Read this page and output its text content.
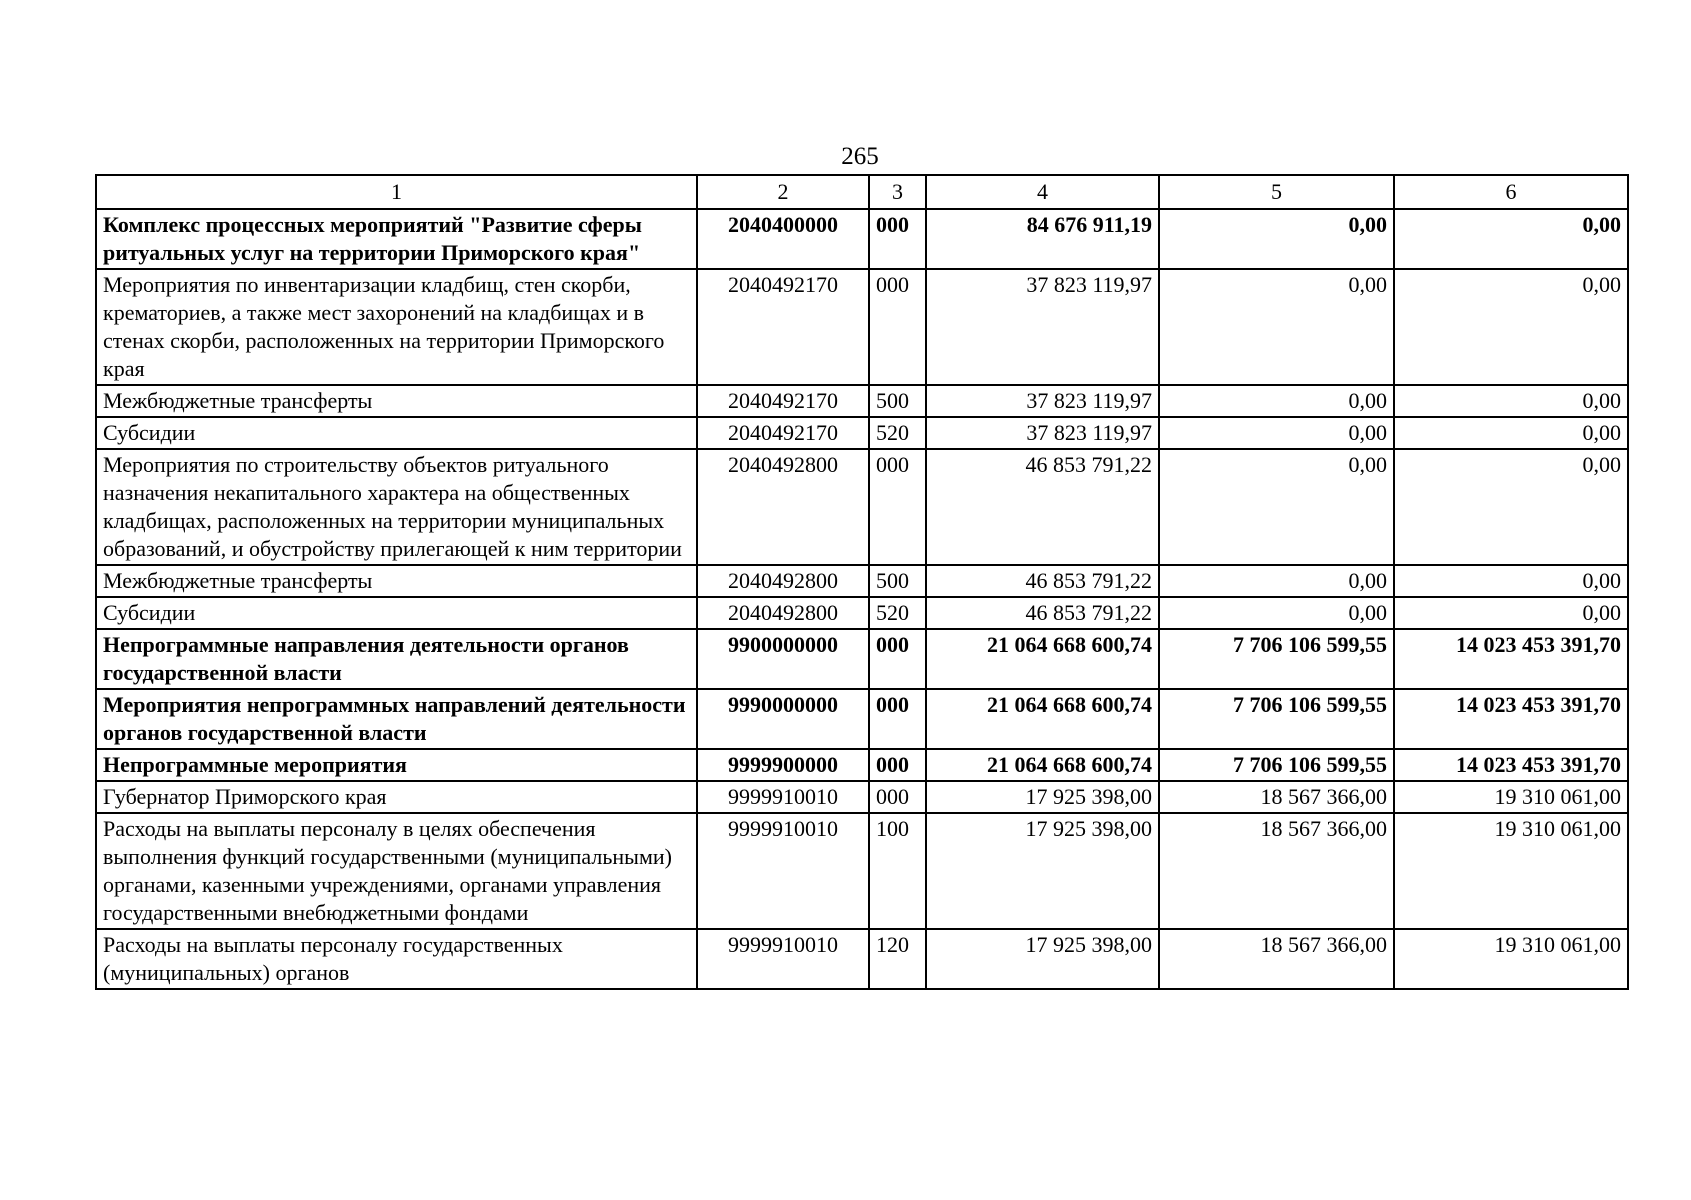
265
1	2	3	4	5	6
Комплекс процессных мероприятий "Развитие сферы ритуальных услуг на территории Приморского края"	2040400000	000	84 676 911,19	0,00	0,00
Мероприятия по инвентаризации кладбищ, стен скорби, крематориев, а также мест захоронений на кладбищах и в стенах скорби, расположенных на территории Приморского края	2040492170	000	37 823 119,97	0,00	0,00
Межбюджетные трансферты	2040492170	500	37 823 119,97	0,00	0,00
Субсидии	2040492170	520	37 823 119,97	0,00	0,00
Мероприятия по строительству объектов ритуального назначения некапитального характера на общественных кладбищах, расположенных на территории муниципальных образований, и обустройству прилегающей к ним территории	2040492800	000	46 853 791,22	0,00	0,00
Межбюджетные трансферты	2040492800	500	46 853 791,22	0,00	0,00
Субсидии	2040492800	520	46 853 791,22	0,00	0,00
Непрограммные направления деятельности органов государственной власти	9900000000	000	21 064 668 600,74	7 706 106 599,55	14 023 453 391,70
Мероприятия непрограммных направлений деятельности органов государственной власти	9990000000	000	21 064 668 600,74	7 706 106 599,55	14 023 453 391,70
Непрограммные мероприятия	9999900000	000	21 064 668 600,74	7 706 106 599,55	14 023 453 391,70
Губернатор Приморского края	9999910010	000	17 925 398,00	18 567 366,00	19 310 061,00
Расходы на выплаты персоналу в целях обеспечения выполнения функций государственными (муниципальными) органами, казенными учреждениями, органами управления государственными внебюджетными фондами	9999910010	100	17 925 398,00	18 567 366,00	19 310 061,00
Расходы на выплаты персоналу государственных (муниципальных) органов	9999910010	120	17 925 398,00	18 567 366,00	19 310 061,00
